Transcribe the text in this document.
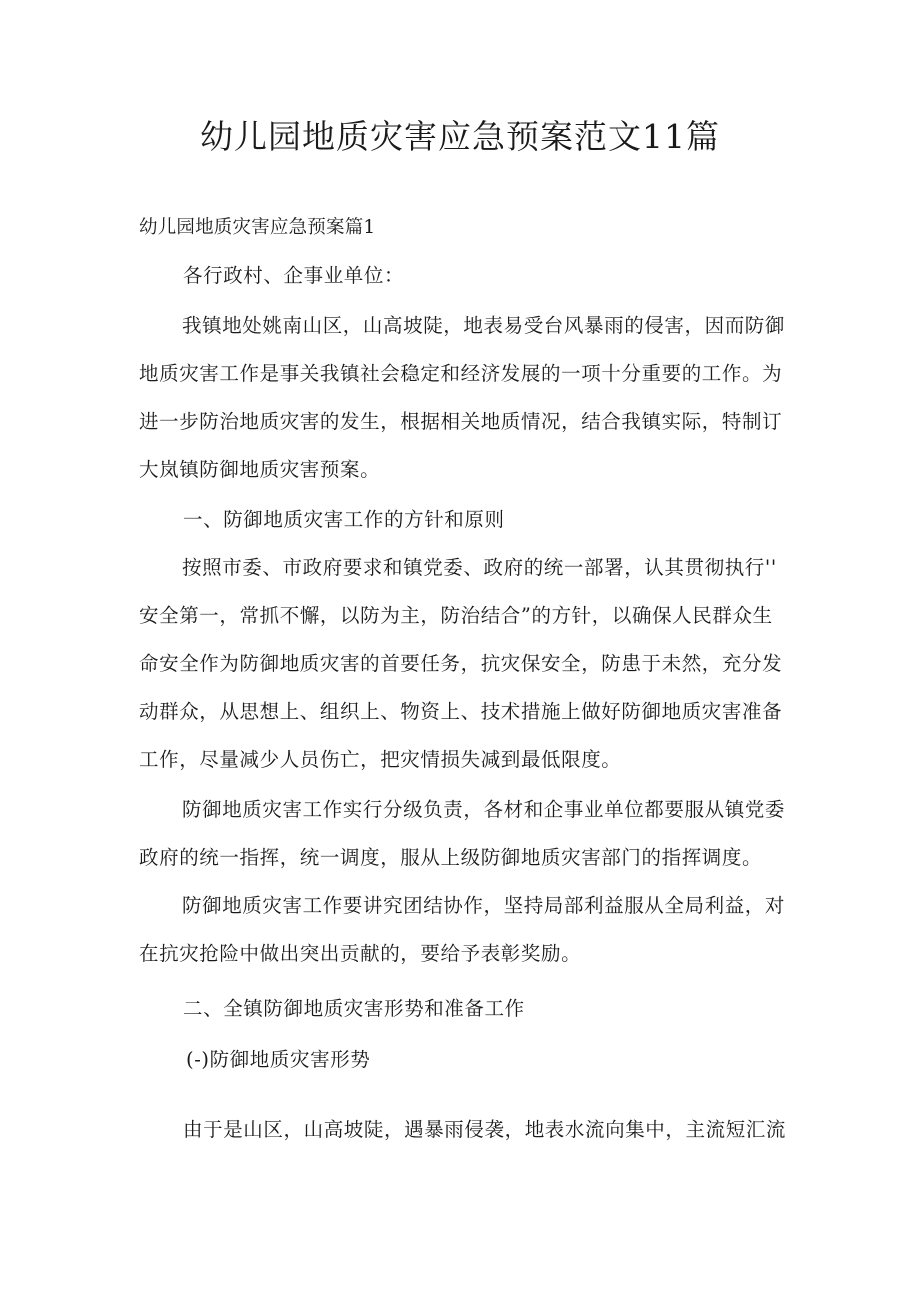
幼儿园地质灾害应急预案范文11篇
幼儿园地质灾害应急预案篇1
各行政村、企事业单位：
我镇地处姚南山区，山高坡陡，地表易受台风暴雨的侵害，因而防御
地质灾害工作是事关我镇社会稳定和经济发展的一项十分重要的工作。为
进一步防治地质灾害的发生，根据相关地质情况，结合我镇实际，特制订
大岚镇防御地质灾害预案。
一、防御地质灾害工作的方针和原则
按照市委、市政府要求和镇党委、政府的统一部署，认其贯彻执行''
安全第一，常抓不懈，以防为主，防治结合”的方针，以确保人民群众生
命安全作为防御地质灾害的首要任务，抗灾保安全，防患于未然，充分发
动群众，从思想上、组织上、物资上、技术措施上做好防御地质灾害准备
工作，尽量减少人员伤亡，把灾情损失减到最低限度。
防御地质灾害工作实行分级负责，各材和企事业单位都要服从镇党委
政府的统一指挥，统一调度，服从上级防御地质灾害部门的指挥调度。
防御地质灾害工作要讲究团结协作，坚持局部利益服从全局利益，对
在抗灾抢险中做出突出贡献的，要给予表彰奖励。
二、全镇防御地质灾害形势和准备工作
(-)防御地质灾害形势
由于是山区，山高坡陡，遇暴雨侵袭，地表水流向集中，主流短汇流
